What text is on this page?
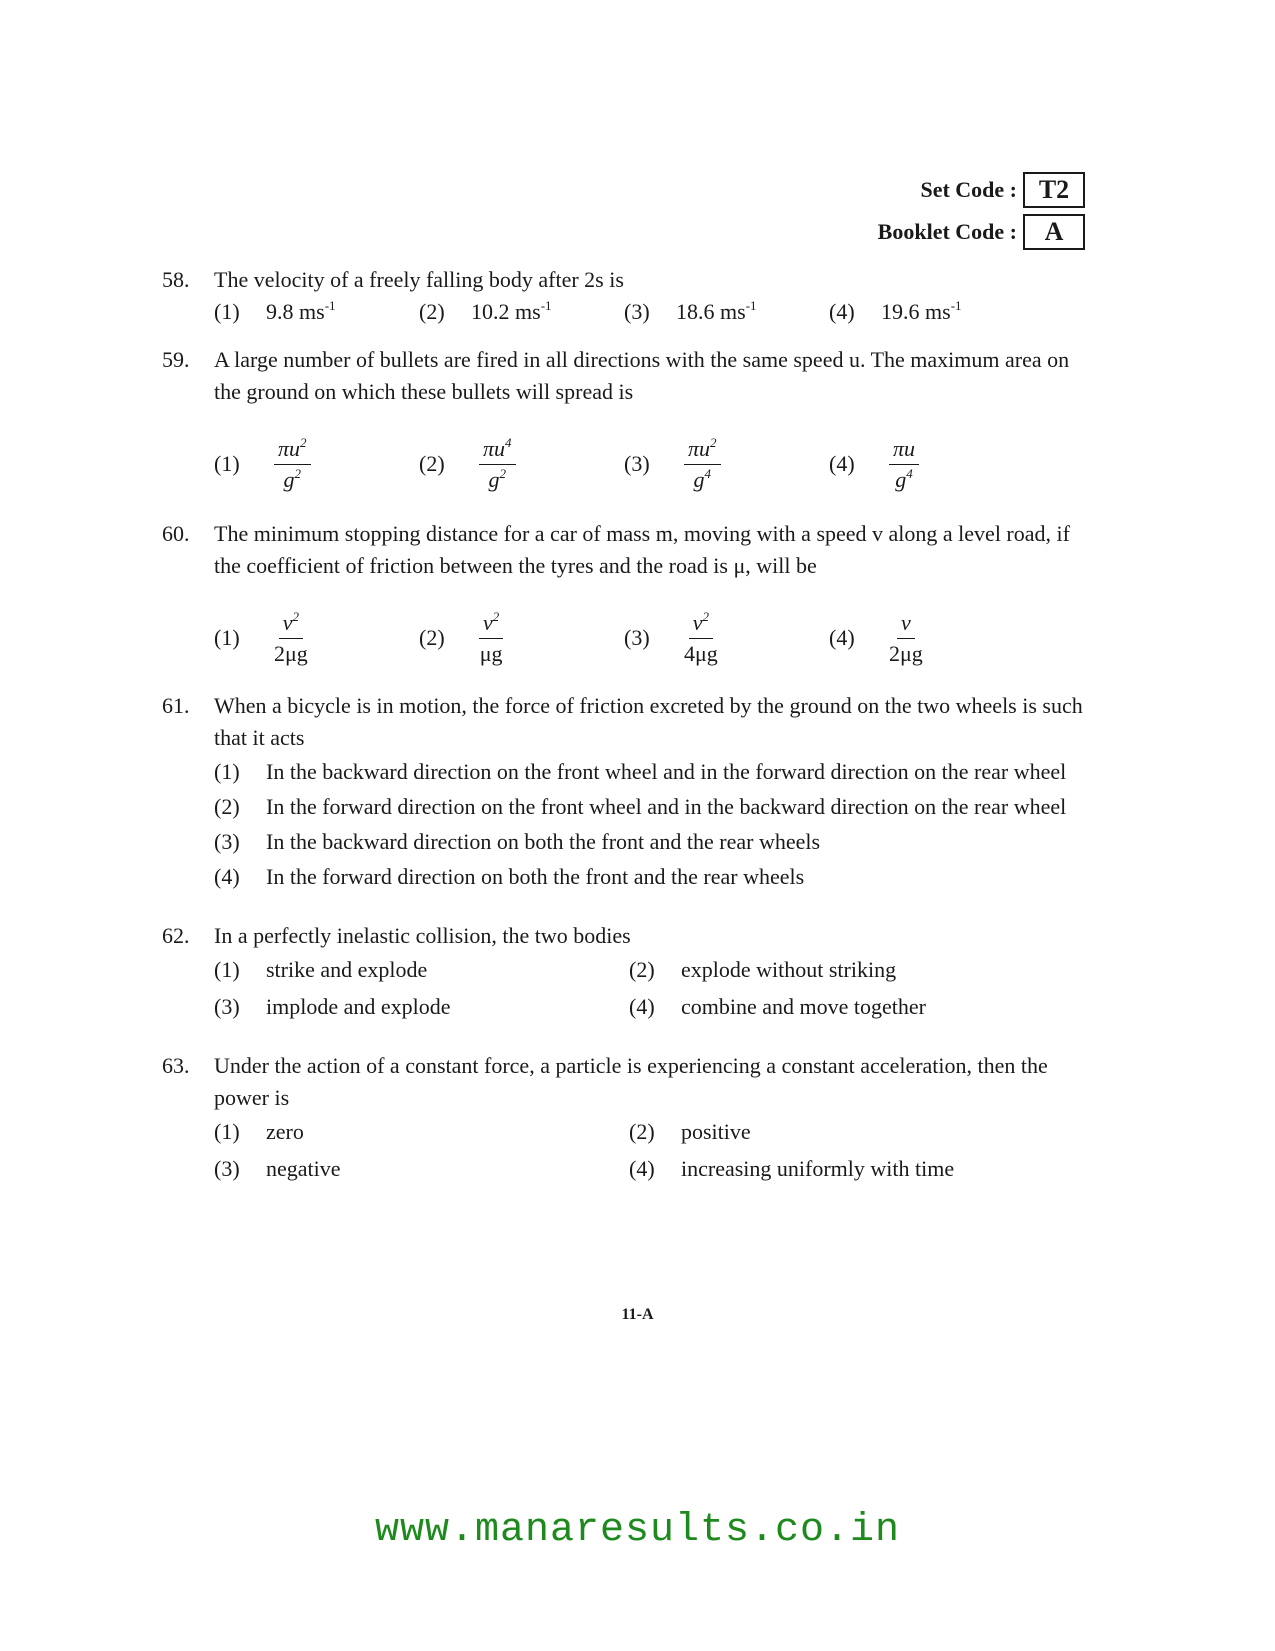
Set Code : T2
Booklet Code :	A
58.	The velocity of a freely falling body after 2s is
(1)	9.8 $ms^{-1}$	(2)	10.2 $ms^{-1}$	(3)	18.6 $ms^{-1}$	(4)	19.6 $ms^{-1}$
59.	A large number of bullets are fired in all directions with the same speed u. The maximum area on the ground on which these bullets will spread is
(1)	$\frac{\pi u^2}{g^2}$	(2)	$\frac{\pi u^4}{g^2}$	(3)	$\frac{\pi u^2}{g^4}$	(4)	$\frac{\pi u}{g^4}$
60.	The minimum stopping distance for a car of mass m, moving with a speed v along a level road, if the coefficient of friction between the tyres and the road is μ, will be
(1)	$\frac{v^2}{2\mu g}$	(2)	$\frac{v^2}{\mu g}$	(3)	$\frac{v^2}{4\mu g}$	(4)	$\frac{v}{2\mu g}$
61.	When a bicycle is in motion, the force of friction excreted by the ground on the two wheels is such that it acts
(1)	In the backward direction on the front wheel and in the forward direction on the rear wheel
(2)	In the forward direction on the front wheel and in the backward direction on the rear wheel
(3)	In the backward direction on both the front and the rear wheels
(4)	In the forward direction on both the front and the rear wheels
62.	In a perfectly inelastic collision, the two bodies
(1)	strike and explode	(2)	explode without striking
(3)	implode and explode	(4)	combine and move together
63.	Under the action of a constant force, a particle is experiencing a constant acceleration, then the power is
(1)	zero	(2)	positive
(3)	negative	(4)	increasing uniformly with time
11-A
www.manaresults.co.in
